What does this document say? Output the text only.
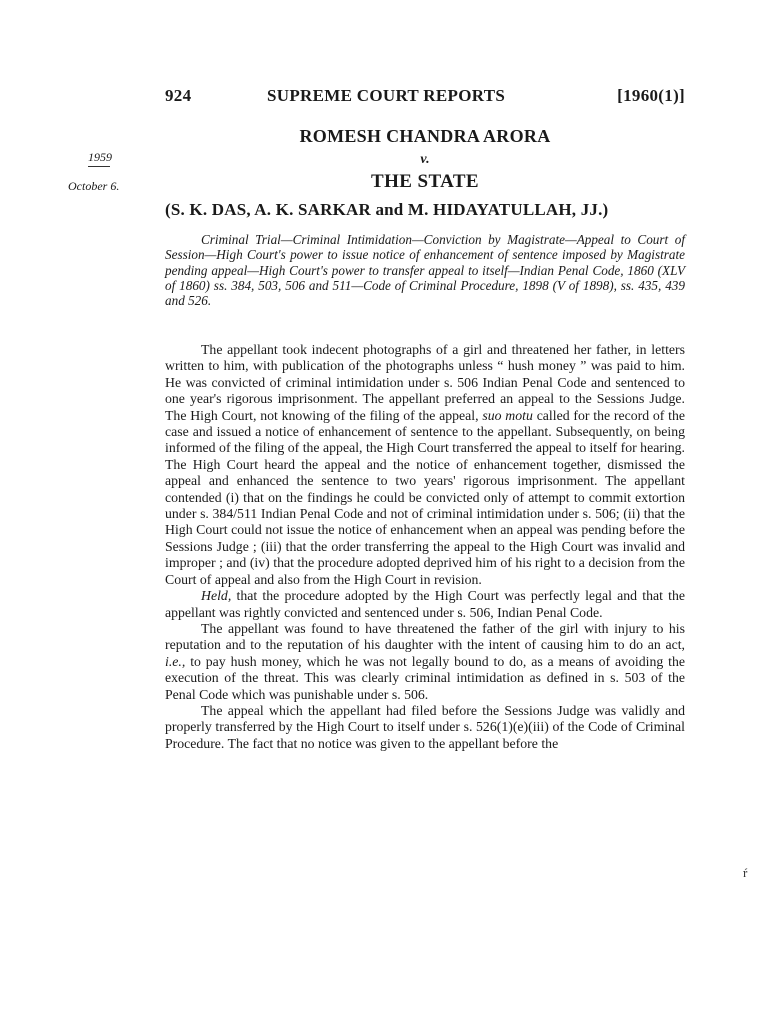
924	SUPREME COURT REPORTS	[1960(1)]
ROMESH CHANDRA ARORA
v.
THE STATE
1959
October 6.
(S. K. DAS, A. K. SARKAR and M. HIDAYATULLAH, JJ.)
Criminal Trial—Criminal Intimidation—Conviction by Magistrate—Appeal to Court of Session—High Court's power to issue notice of enhancement of sentence imposed by Magistrate pending appeal—High Court's power to transfer appeal to itself—Indian Penal Code, 1860 (XLV of 1860) ss. 384, 503, 506 and 511—Code of Criminal Procedure, 1898 (V of 1898), ss. 435, 439 and 526.

The appellant took indecent photographs of a girl and threatened her father, in letters written to him, with publication of the photographs unless “ hush money ” was paid to him. He was convicted of criminal intimidation under s. 506 Indian Penal Code and sentenced to one year's rigorous imprisonment. The appellant preferred an appeal to the Sessions Judge. The High Court, not knowing of the filing of the appeal, suo motu called for the record of the case and issued a notice of enhancement of sentence to the appellant. Subsequently, on being informed of the filing of the appeal, the High Court transferred the appeal to itself for hearing. The High Court heard the appeal and the notice of enhancement together, dismissed the appeal and enhanced the sentence to two years' rigorous imprisonment. The appellant contended (i) that on the findings he could be convicted only of attempt to commit extortion under s. 384/511 Indian Penal Code and not of criminal intimidation under s. 506; (ii) that the High Court could not issue the notice of enhancement when an appeal was pending before the Sessions Judge ; (iii) that the order transferring the appeal to the High Court was invalid and improper ; and (iv) that the procedure adopted deprived him of his right to a decision from the Court of appeal and also from the High Court in revision.

Held, that the procedure adopted by the High Court was perfectly legal and that the appellant was rightly convicted and sentenced under s. 506, Indian Penal Code.

The appellant was found to have threatened the father of the girl with injury to his reputation and to the reputation of his daughter with the intent of causing him to do an act, i.e., to pay hush money, which he was not legally bound to do, as a means of avoiding the execution of the threat. This was clearly criminal intimidation as defined in s. 503 of the Penal Code which was punishable under s. 506.

The appeal which the appellant had filed before the Sessions Judge was validly and properly transferred by the High Court to itself under s. 526(1)(e)(iii) of the Code of Criminal Procedure. The fact that no notice was given to the appellant before the

ŕ
